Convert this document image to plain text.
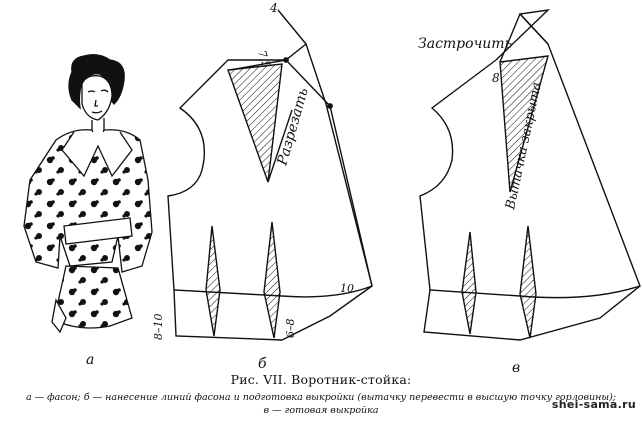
а
4
7,5
Разрезать
8–10	6–8
10
б
Застрочить
8
Вытачка закрыта
в
Рис. VII. Воротник-стойка:
а — фасон; б — нанесение линий фасона и подготовка выкройки (вытачку перевести в высшую точку горловины);
в — готовая выкройка	shei-sama.ru
